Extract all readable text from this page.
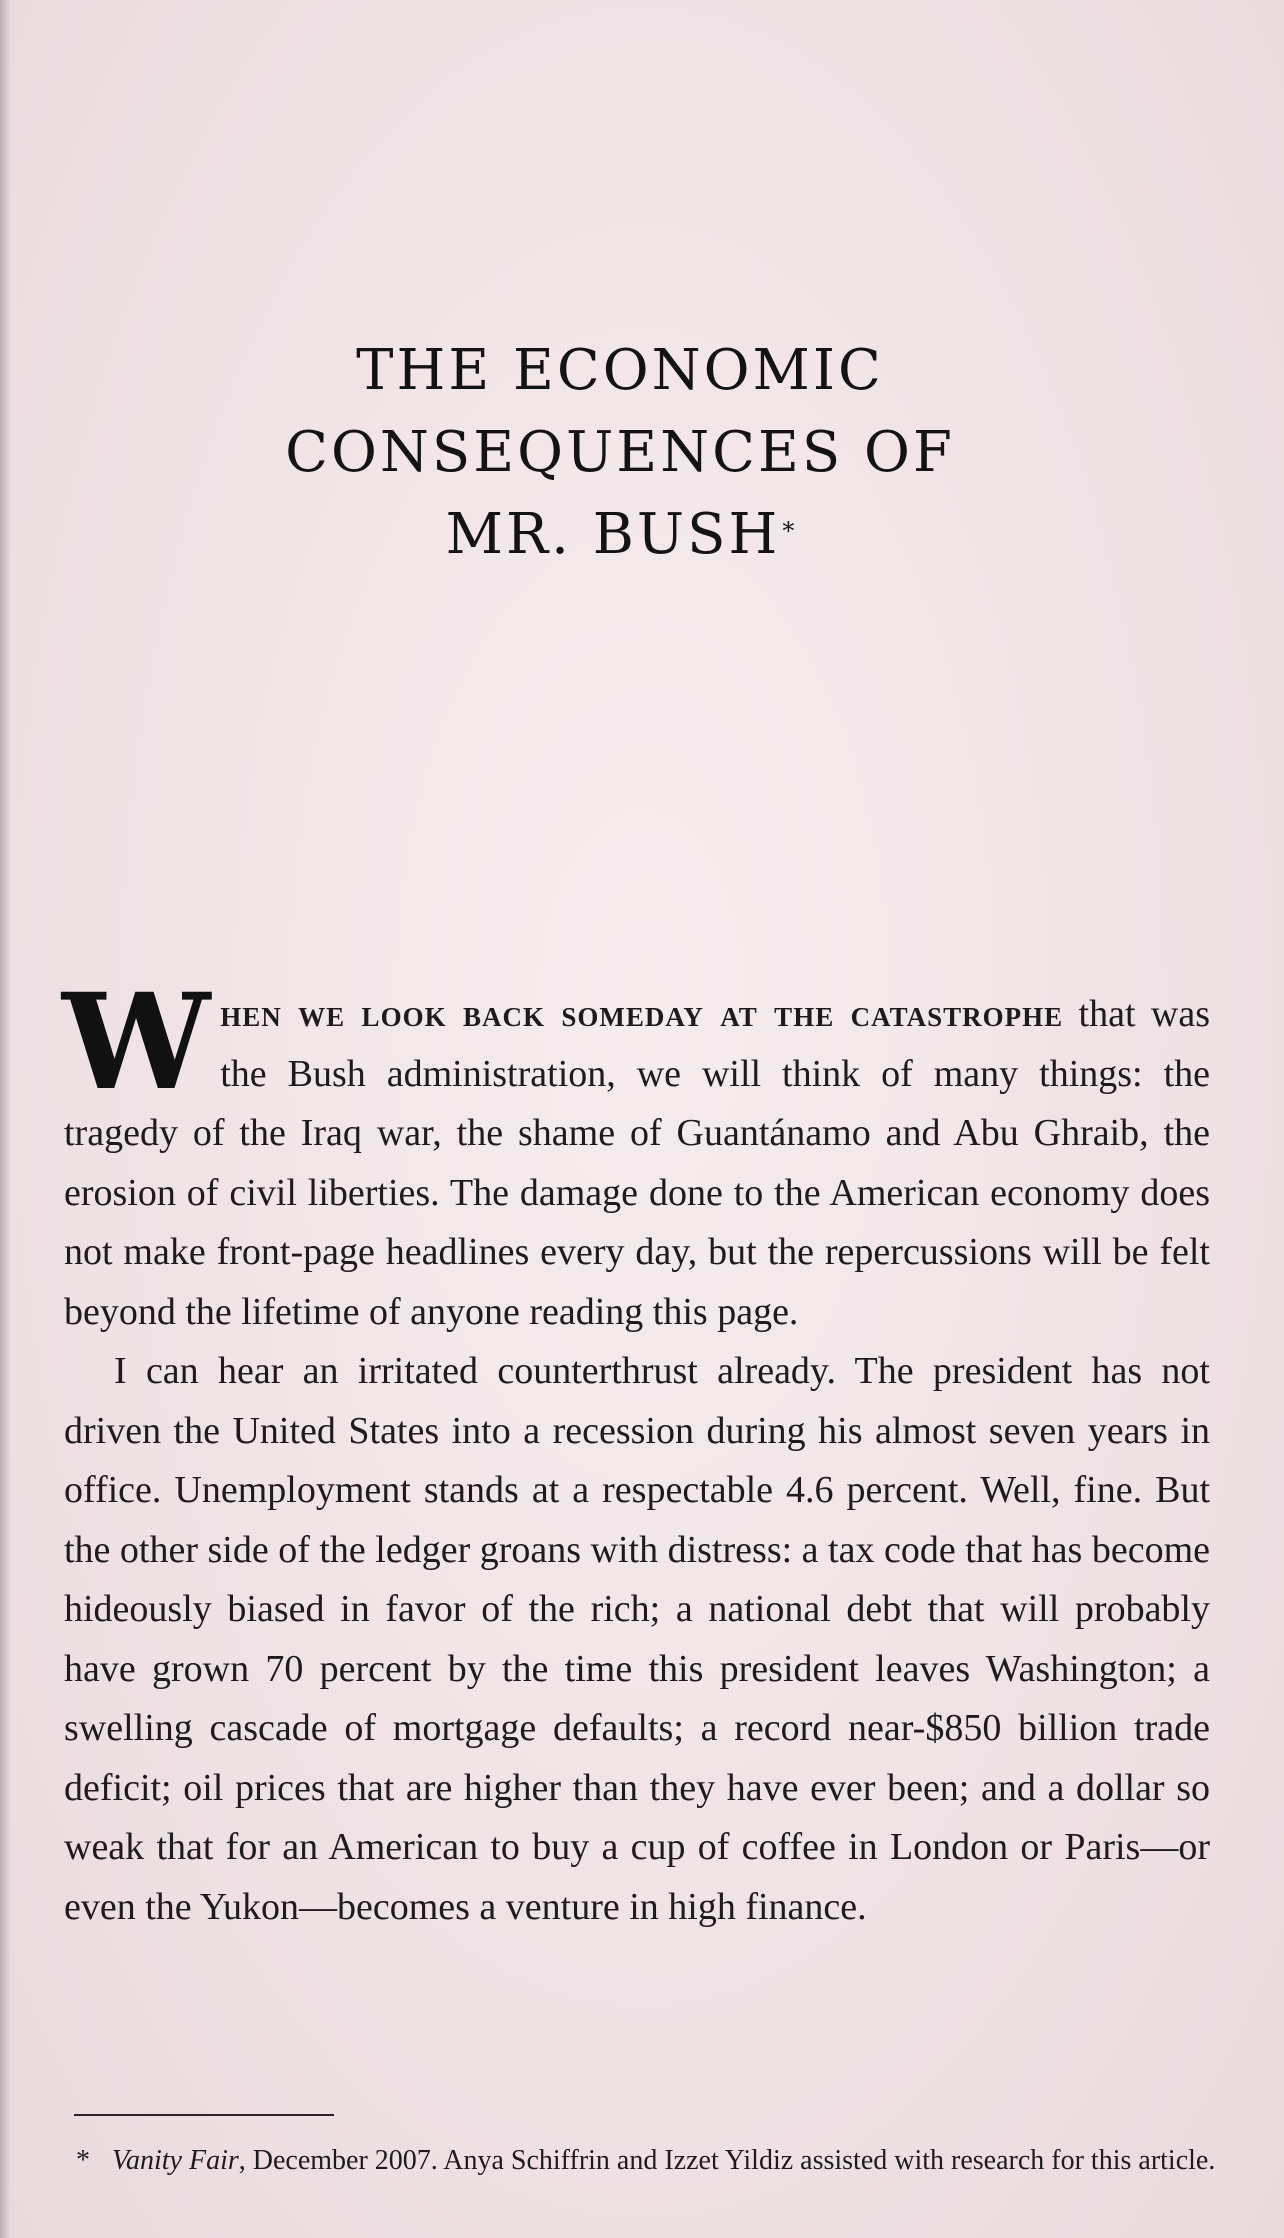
THE ECONOMIC
CONSEQUENCES OF
MR. BUSH*

When we look back someday at the catastrophe that was the Bush administration, we will think of many things: the tragedy of the Iraq war, the shame of Guantánamo and Abu Ghraib, the erosion of civil liberties. The damage done to the American economy does not make front-page headlines every day, but the repercussions will be felt beyond the lifetime of anyone reading this page.

I can hear an irritated counterthrust already. The president has not driven the United States into a recession during his almost seven years in office. Unemployment stands at a respectable 4.6 percent. Well, fine. But the other side of the ledger groans with distress: a tax code that has become hideously biased in favor of the rich; a national debt that will probably have grown 70 percent by the time this president leaves Washington; a swelling cascade of mortgage defaults; a record near-$850 billion trade deficit; oil prices that are higher than they have ever been; and a dollar so weak that for an American to buy a cup of coffee in London or Paris—or even the Yukon—becomes a venture in high finance.

* Vanity Fair, December 2007. Anya Schiffrin and Izzet Yildiz assisted with research for this article.
